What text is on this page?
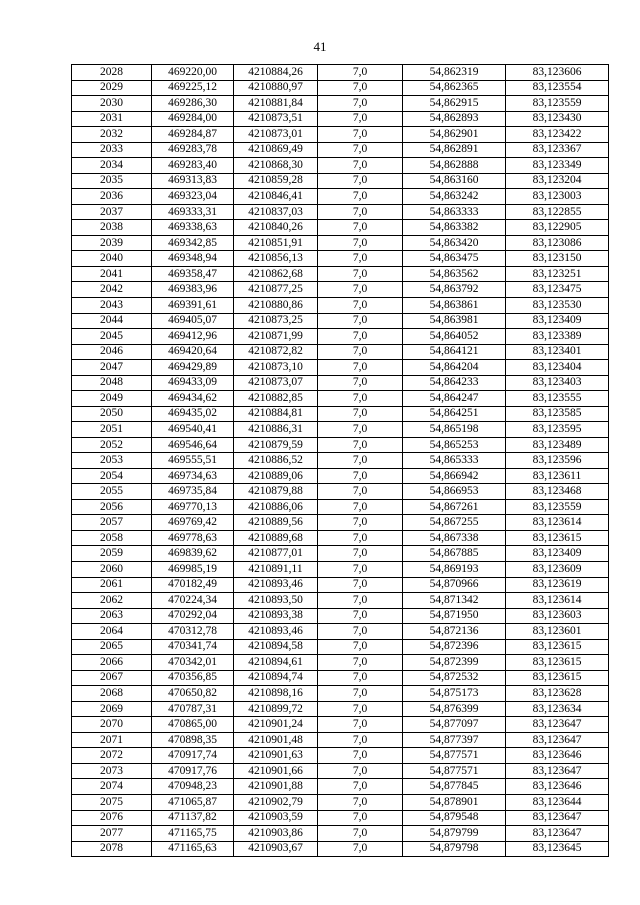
41
2028	469220,00	4210884,26	7,0	54,862319	83,123606
2029	469225,12	4210880,97	7,0	54,862365	83,123554
2030	469286,30	4210881,84	7,0	54,862915	83,123559
2031	469284,00	4210873,51	7,0	54,862893	83,123430
2032	469284,87	4210873,01	7,0	54,862901	83,123422
2033	469283,78	4210869,49	7,0	54,862891	83,123367
2034	469283,40	4210868,30	7,0	54,862888	83,123349
2035	469313,83	4210859,28	7,0	54,863160	83,123204
2036	469323,04	4210846,41	7,0	54,863242	83,123003
2037	469333,31	4210837,03	7,0	54,863333	83,122855
2038	469338,63	4210840,26	7,0	54,863382	83,122905
2039	469342,85	4210851,91	7,0	54,863420	83,123086
2040	469348,94	4210856,13	7,0	54,863475	83,123150
2041	469358,47	4210862,68	7,0	54,863562	83,123251
2042	469383,96	4210877,25	7,0	54,863792	83,123475
2043	469391,61	4210880,86	7,0	54,863861	83,123530
2044	469405,07	4210873,25	7,0	54,863981	83,123409
2045	469412,96	4210871,99	7,0	54,864052	83,123389
2046	469420,64	4210872,82	7,0	54,864121	83,123401
2047	469429,89	4210873,10	7,0	54,864204	83,123404
2048	469433,09	4210873,07	7,0	54,864233	83,123403
2049	469434,62	4210882,85	7,0	54,864247	83,123555
2050	469435,02	4210884,81	7,0	54,864251	83,123585
2051	469540,41	4210886,31	7,0	54,865198	83,123595
2052	469546,64	4210879,59	7,0	54,865253	83,123489
2053	469555,51	4210886,52	7,0	54,865333	83,123596
2054	469734,63	4210889,06	7,0	54,866942	83,123611
2055	469735,84	4210879,88	7,0	54,866953	83,123468
2056	469770,13	4210886,06	7,0	54,867261	83,123559
2057	469769,42	4210889,56	7,0	54,867255	83,123614
2058	469778,63	4210889,68	7,0	54,867338	83,123615
2059	469839,62	4210877,01	7,0	54,867885	83,123409
2060	469985,19	4210891,11	7,0	54,869193	83,123609
2061	470182,49	4210893,46	7,0	54,870966	83,123619
2062	470224,34	4210893,50	7,0	54,871342	83,123614
2063	470292,04	4210893,38	7,0	54,871950	83,123603
2064	470312,78	4210893,46	7,0	54,872136	83,123601
2065	470341,74	4210894,58	7,0	54,872396	83,123615
2066	470342,01	4210894,61	7,0	54,872399	83,123615
2067	470356,85	4210894,74	7,0	54,872532	83,123615
2068	470650,82	4210898,16	7,0	54,875173	83,123628
2069	470787,31	4210899,72	7,0	54,876399	83,123634
2070	470865,00	4210901,24	7,0	54,877097	83,123647
2071	470898,35	4210901,48	7,0	54,877397	83,123647
2072	470917,74	4210901,63	7,0	54,877571	83,123646
2073	470917,76	4210901,66	7,0	54,877571	83,123647
2074	470948,23	4210901,88	7,0	54,877845	83,123646
2075	471065,87	4210902,79	7,0	54,878901	83,123644
2076	471137,82	4210903,59	7,0	54,879548	83,123647
2077	471165,75	4210903,86	7,0	54,879799	83,123647
2078	471165,63	4210903,67	7,0	54,879798	83,123645
